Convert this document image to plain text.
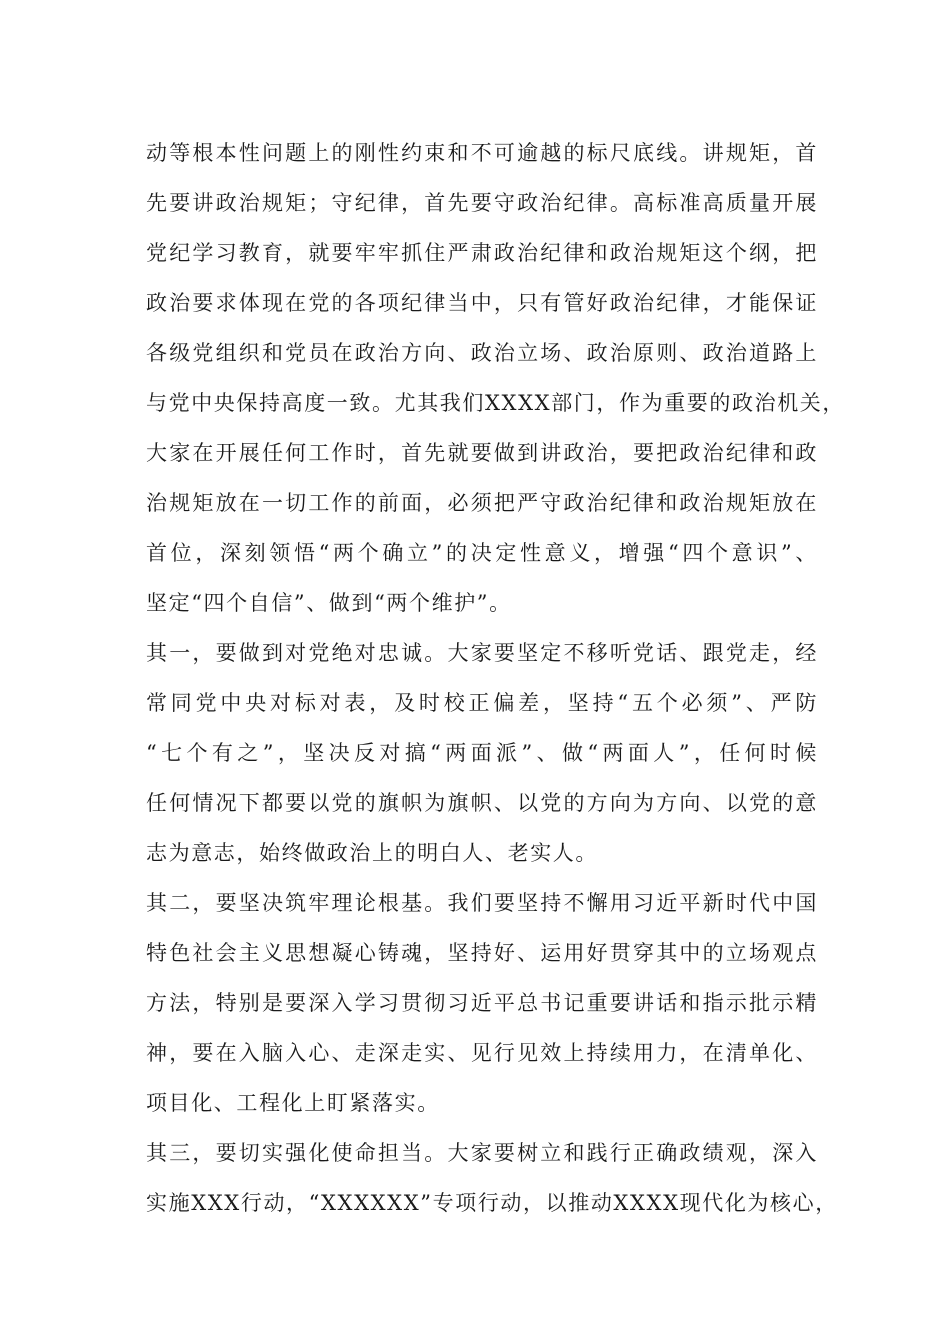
动等根本性问题上的刚性约束和不可逾越的标尺底线。讲规矩，首
先要讲政治规矩；守纪律，首先要守政治纪律。高标准高质量开展
党纪学习教育，就要牢牢抓住严肃政治纪律和政治规矩这个纲，把
政治要求体现在党的各项纪律当中，只有管好政治纪律，才能保证
各级党组织和党员在政治方向、政治立场、政治原则、政治道路上
与党中央保持高度一致。尤其我们XXXX部门，作为重要的政治机关，
大家在开展任何工作时，首先就要做到讲政治，要把政治纪律和政
治规矩放在一切工作的前面，必须把严守政治纪律和政治规矩放在
首位，深刻领悟“两个确立”的决定性意义，增强“四个意识”、
坚定“四个自信”、做到“两个维护”。
其一，要做到对党绝对忠诚。大家要坚定不移听党话、跟党走，经
常同党中央对标对表，及时校正偏差，坚持“五个必须”、严防
“七个有之”，坚决反对搞“两面派”、做“两面人”，任何时候
任何情况下都要以党的旗帜为旗帜、以党的方向为方向、以党的意
志为意志，始终做政治上的明白人、老实人。
其二，要坚决筑牢理论根基。我们要坚持不懈用习近平新时代中国
特色社会主义思想凝心铸魂，坚持好、运用好贯穿其中的立场观点
方法，特别是要深入学习贯彻习近平总书记重要讲话和指示批示精
神，要在入脑入心、走深走实、见行见效上持续用力，在清单化、
项目化、工程化上盯紧落实。
其三，要切实强化使命担当。大家要树立和践行正确政绩观，深入
实施XXX行动，“XXXXXX”专项行动，以推动XXXX现代化为核心，
